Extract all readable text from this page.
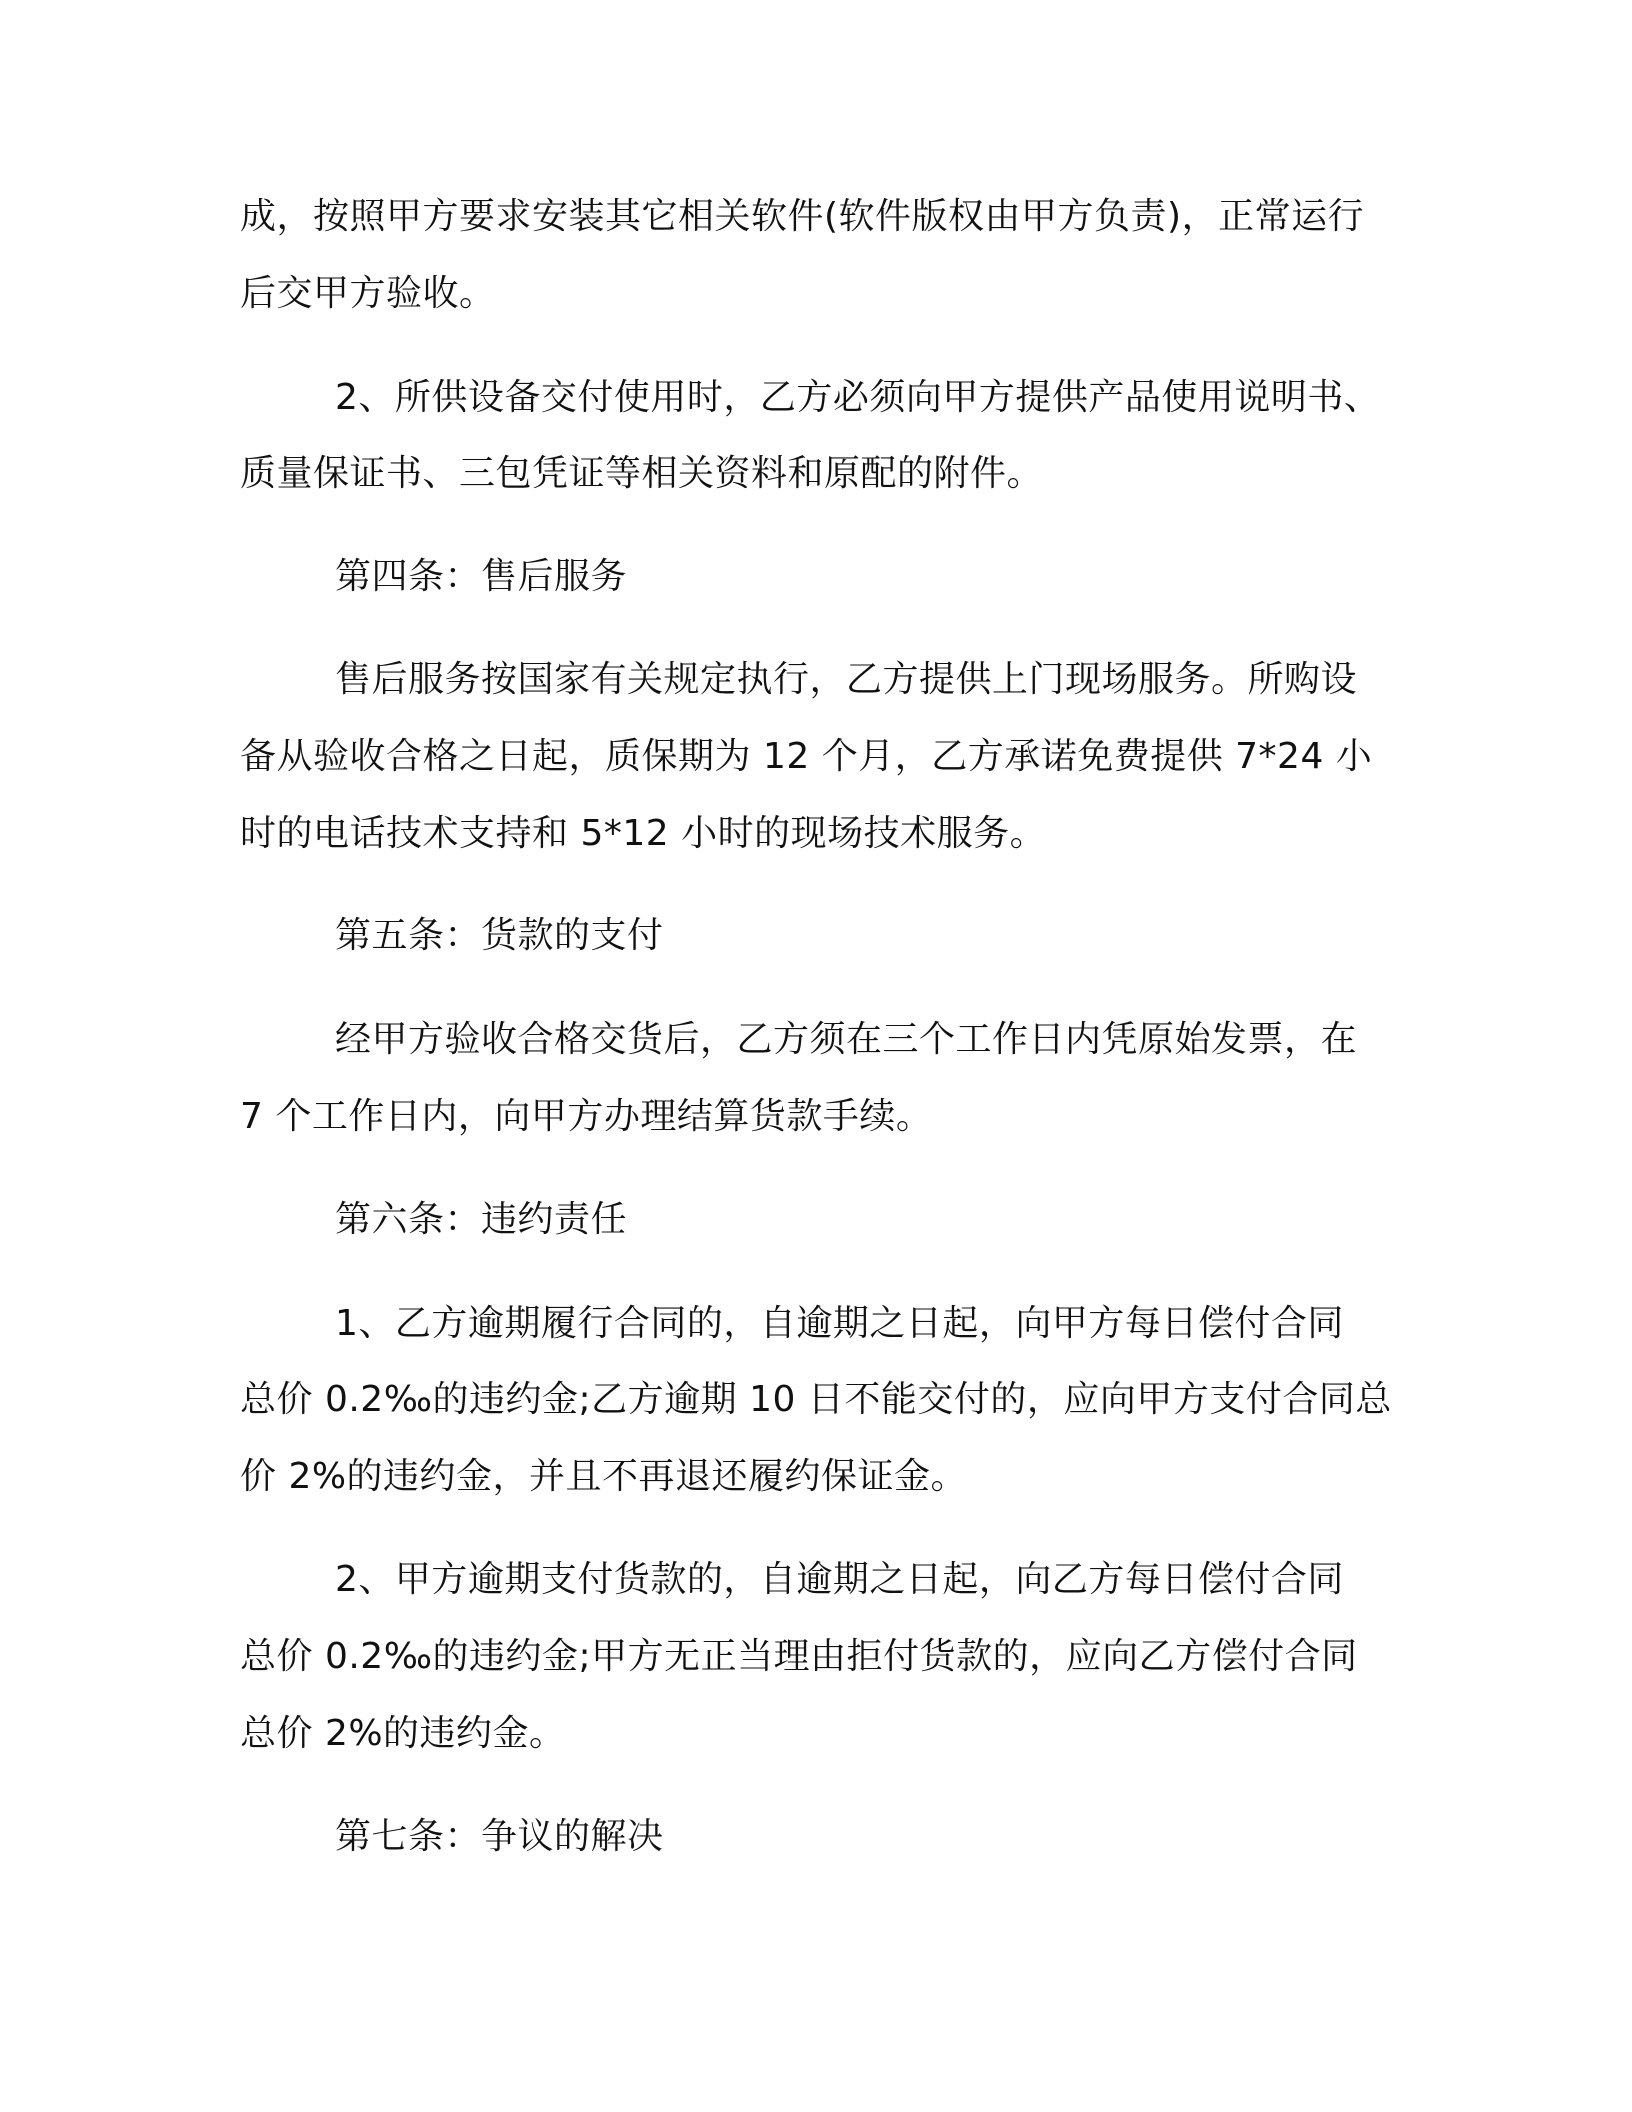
成，按照甲方要求安装其它相关软件(软件版权由甲方负责)，正常运行
后交甲方验收。
2、所供设备交付使用时，乙方必须向甲方提供产品使用说明书、
质量保证书、三包凭证等相关资料和原配的附件。
第四条：售后服务
售后服务按国家有关规定执行，乙方提供上门现场服务。所购设
备从验收合格之日起，质保期为 12 个月，乙方承诺免费提供 7*24 小
时的电话技术支持和 5*12 小时的现场技术服务。
第五条：货款的支付
经甲方验收合格交货后，乙方须在三个工作日内凭原始发票，在
7 个工作日内，向甲方办理结算货款手续。
第六条：违约责任
1、乙方逾期履行合同的，自逾期之日起，向甲方每日偿付合同
总价 0.2‰的违约金;乙方逾期 10 日不能交付的，应向甲方支付合同总
价 2%的违约金，并且不再退还履约保证金。
2、甲方逾期支付货款的，自逾期之日起，向乙方每日偿付合同
总价 0.2‰的违约金;甲方无正当理由拒付货款的，应向乙方偿付合同
总价 2%的违约金。
第七条：争议的解决
